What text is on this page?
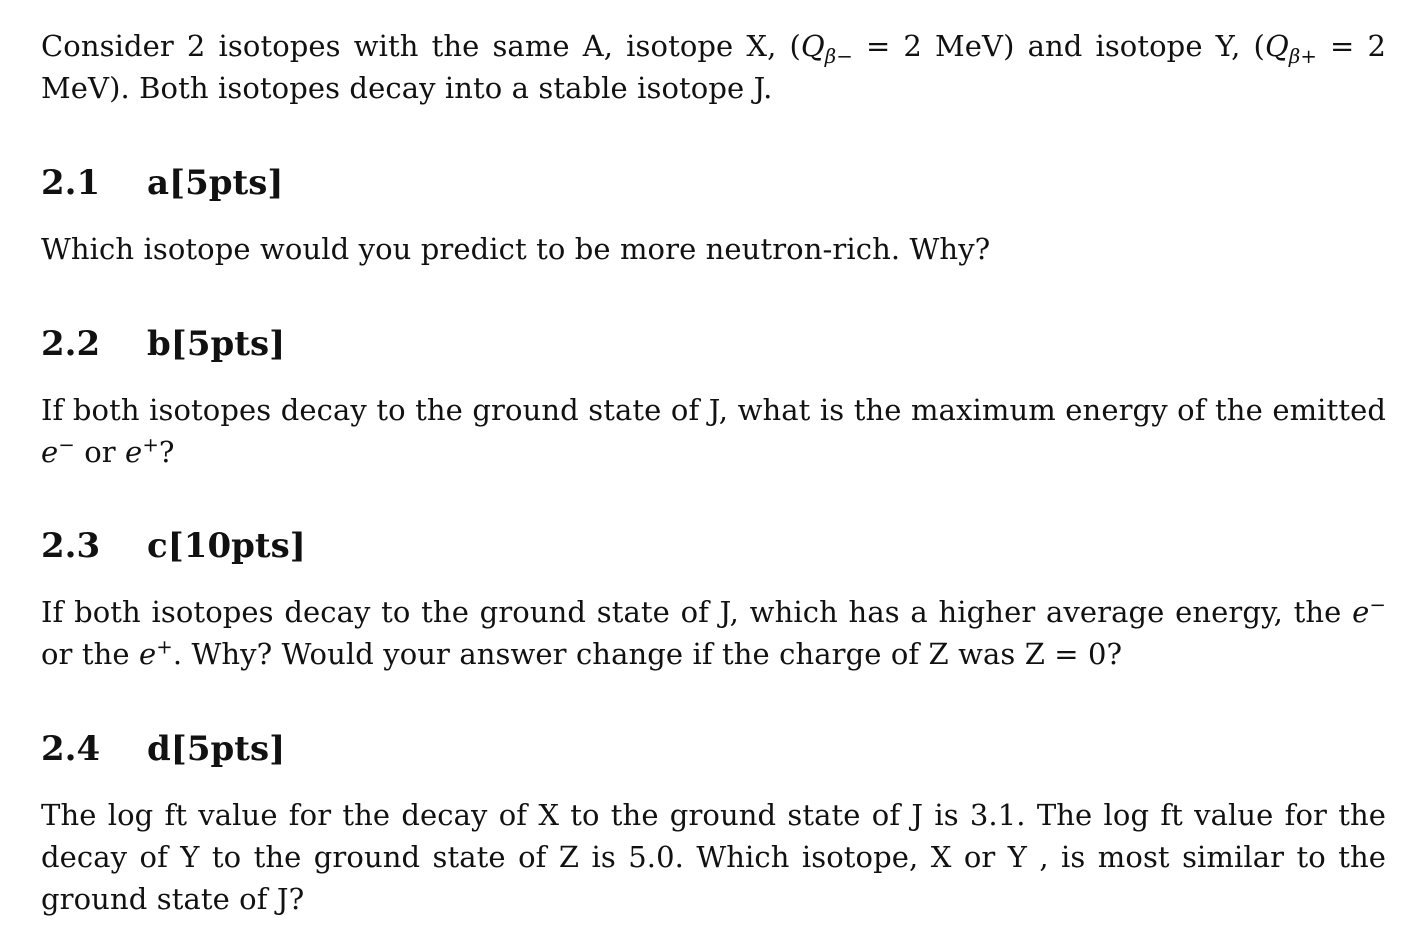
Consider 2 isotopes with the same A, isotope X, ($Q_{\beta-} = 2$ MeV) and isotope Y, ($Q_{\beta+} = 2$
MeV). Both isotopes decay into a stable isotope J.
2.1 a[5pts]
Which isotope would you predict to be more neutron-rich. Why?
2.2 b[5pts]
If both isotopes decay to the ground state of J, what is the maximum energy of the emitted
e− or e+?
2.3 c[10pts]
If both isotopes decay to the ground state of J, which has a higher average energy, the e−
or the e+. Why? Would your answer change if the charge of Z was Z = 0?
2.4 d[5pts]
The log ft value for the decay of X to the ground state of J is 3.1. The log ft value for the
decay of Y to the ground state of Z is 5.0. Which isotope, X or Y , is most similar to the
ground state of J?
